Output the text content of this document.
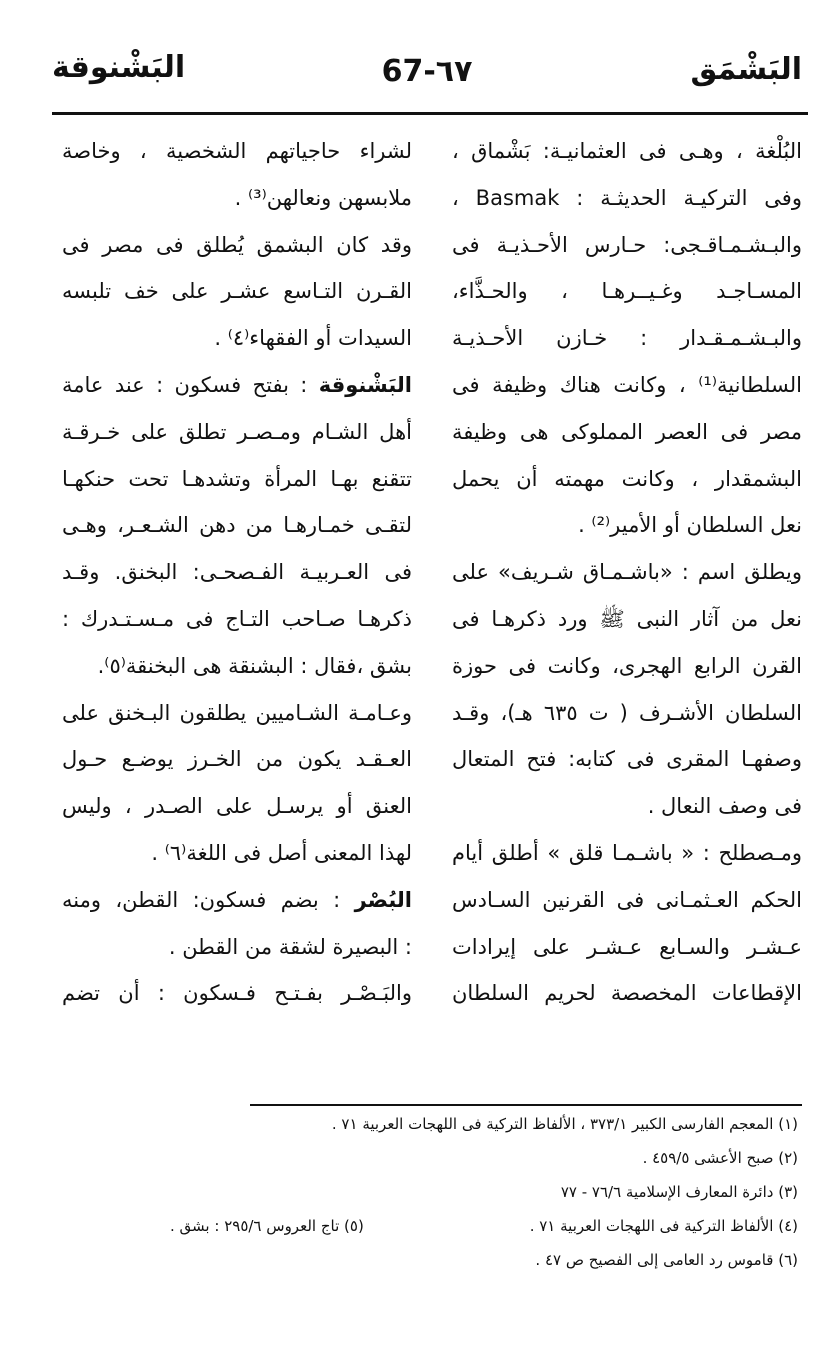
البَشْمَق
67-٦٧
البَشْنوقة
البُلْغة ، وهـى فى العثمانيـة: بَشْماق ،
وفى التركيـة الحديثـة : Basmak ،
والبـشـمـاقـجى: حـارس الأحـذيـة فى
المسـاجـد وغـيــرهـا ، والحـذَّاء،
والبـشـمـقـدار : خـازن الأحـذيـة
السلطانية⁽¹⁾ ، وكانت هناك وظيفة فى
مصر فى العصر المملوكى هى وظيفة
البشمقدار ، وكانت مهمته أن يحمل
نعل السلطان أو الأمير⁽²⁾ .
ويطلق اسم : «باشـمـاق شـريف» على
نعل من آثار النبى ﷺ ورد ذكرهـا فى
القرن الرابع الهجرى، وكانت فى حوزة
السلطان الأشـرف ( ت ٦٣٥ هـ)، وقـد
وصفهـا المقرى فى كتابه: فتح المتعال
فى وصف النعال .
ومـصطلح : « باشـمـا قلق » أطلق أيام
الحكم العـثمـانى فى القرنين السـادس
عـشـر والسـابع عـشـر على إيرادات
الإقطاعات المخصصة لحريم السلطان
لشراء حاجياتهم الشخصية ، وخاصة
ملابسهن ونعالهن⁽³⁾ .
وقد كان البشمق يُطلق فى مصر فى
القـرن التـاسع عشـر على خف تلبسه
السيدات أو الفقهاء⁽٤⁾ .
البَشْنوقة : بفتح فسكون : عند عامة
أهل الشـام ومـصـر تطلق على خـرقـة
تتقنع بهـا المرأة وتشدهـا تحت حنكهـا
لتقـى خمـارهـا من دهن الشـعـر، وهـى
فى العـربيـة الفـصحـى: البخنق. وقـد
ذكرهـا صـاحب التـاج فى مـسـتـدرك :
بشق ،فقال : البشنقة هى البخنقة⁽٥⁾.
وعـامـة الشـاميين يطلقون البـخنق على
العـقـد يكون من الخـرز يوضـع حـول
العنق أو يرسـل على الصـدر ، وليس
لهذا المعنى أصل فى اللغة⁽٦⁾ .
البُصْر : بضم فسكون: القطن، ومنه
: البصيرة لشقة من القطن .
والبَـصْـر بفـتـح فـسكون : أن تضم
(١) المعجم الفارسى الكبير ٣٧٣/١ ، الألفاظ التركية فى اللهجات العربية ٧١ .
(٢) صبح الأعشى ٤٥٩/٥ .
(٣) دائرة المعارف الإسلامية ٧٦/٦ - ٧٧
(٤) الألفاظ التركية فى اللهجات العربية ٧١ .
(٥) تاج العروس ٢٩٥/٦ : بشق .
(٦) قاموس رد العامى إلى الفصيح ص ٤٧ .
